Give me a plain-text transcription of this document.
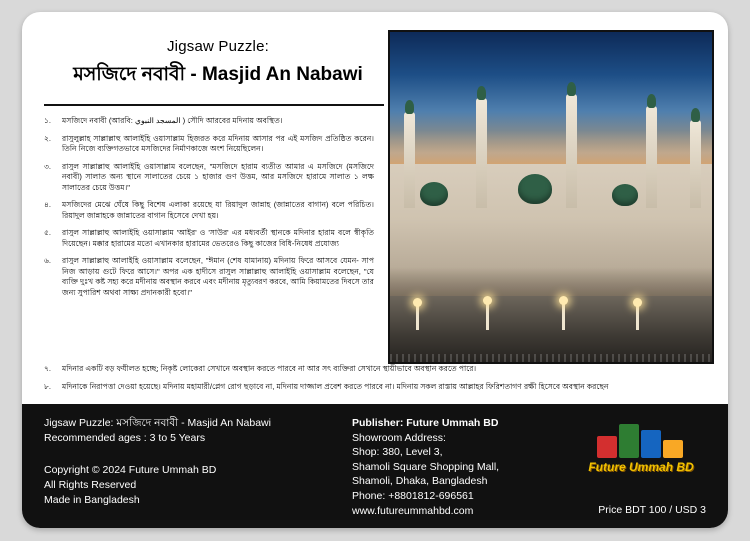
Jigsaw Puzzle:
মসজিদে নবাবী - Masjid An Nabawi
১.	মসজিদে নবাবী (আরবি: المسجد النبوي ) সৌদি আরবের মদিনায় অবস্থিত।
২.	রাসুলুল্লাহ সাল্লাল্লাহু আলাইহি ওয়াসাল্লাম হিজরত করে মদিনায় আসার পর এই মসজিদ প্রতিষ্ঠিত করেন। তিনি নিজে ব্যক্তিগতভাবে মসজিদের নির্মাণকাজে অংশ নিয়েছিলেন।
৩.	রাসুল সাল্লাল্লাহু আলাইহি ওয়াসাল্লাম বলেছেন, "মসজিদে হারাম ব্যতীত আমার এ মসজিদে (মসজিদে নবাবী) সালাত অন্য স্থানে সালাতের চেয়ে ১ হাজার গুণ উত্তম, আর মসজিদে হারামে সালাত ১ লক্ষ সালাতের চেয়ে উত্তম।"
৪.	মসজিদের মেঝে ঘেঁষে কিছু বিশেষ এলাকা রয়েছে যা রিয়াদুল জান্নাহ (জান্নাতের বাগান) বলে পরিচিত। রিয়াদুল জান্নাহকে জান্নাতের বাগান হিসেবে দেখা হয়।
৫.	রাসুল সাল্লাল্লাহু আলাইহি ওয়াসাল্লাম 'আইর' ও 'সাউর' এর মধ্যবর্তী স্থানকে মদিনার হারাম বলে স্বীকৃতি দিয়েছেন। মক্কার হারামের মতো এখানকার হারামের ভেতরেও কিছু কাজের বিধি-নিষেধ প্রযোজ্য
৬.	রাসুল সাল্লাল্লাহু আলাইহি ওয়াসাল্লাম বলেছেন, "ঈমান (শেষ যামানায়) মদিনায় ফিরে আসবে যেমন- সাপ নিজ আড়ায় গুটে ফিরে আসে।" অপর এক হাদীসে রাসুল সাল্লাল্লাহু আলাইহি ওয়াসাল্লাম বলেছেন, "যে ব্যক্তি দুঃখ কষ্ট সহ্য করে মদীনায় অবস্থান করবে এবং মদীনায় মৃত্যুবরণ করবে, আমি কিয়ামতের দিবসে তার জন্য সুপারিশ অথবা সাক্ষ্য প্রদানকারী হবো।"
৭.	মদিনার একটি বড় ফযীলত হচ্ছে; নিকৃষ্ট লোকেরা সেখানে অবস্থান করতে পারবে না আর সৎ ব্যক্তিরা সেখানে স্থায়ীভাবে অবস্থান করতে পারে।
৮.	মদিনাকে নিরাপত্তা দেওয়া হয়েছে। মদিনায় মহামারী/প্লেগ রোগ ছড়াবে না, মদিনায় দাজ্জাল প্রবেশ করতে পারবে না। মদিনায় সকল রাস্তায় আল্লাহর ফিরিশতাগণ রক্ষী হিসেবে অবস্থান করছেন
Jigsaw Puzzle: মসজিদে নবাবী - Masjid An Nabawi
Recommended ages : 3 to 5 Years
Copyright © 2024 Future Ummah BD
All Rights Reserved
Made in Bangladesh
Publisher: Future Ummah BD
Showroom Address:
Shop: 380, Level 3,
Shamoli Square Shopping Mall,
Shamoli, Dhaka, Bangladesh
Phone: +8801812-696561
www.futureummahbd.com
Future Ummah BD
Price BDT 100 / USD 3
